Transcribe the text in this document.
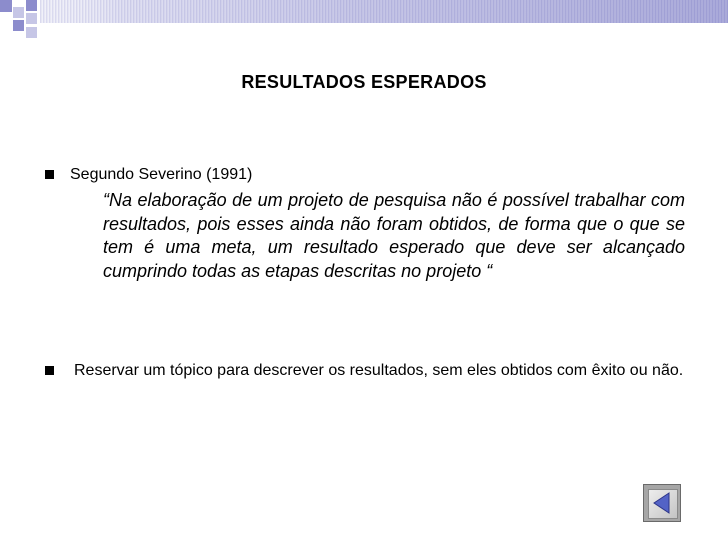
RESULTADOS ESPERADOS
Segundo Severino (1991)
“Na elaboração de um projeto de pesquisa não é possível trabalhar com resultados, pois esses ainda não foram obtidos, de forma que o que se tem é uma meta, um resultado esperado que deve ser alcançado cumprindo todas as etapas descritas no projeto “
Reservar um tópico para descrever os resultados, sem eles obtidos com êxito ou não.
